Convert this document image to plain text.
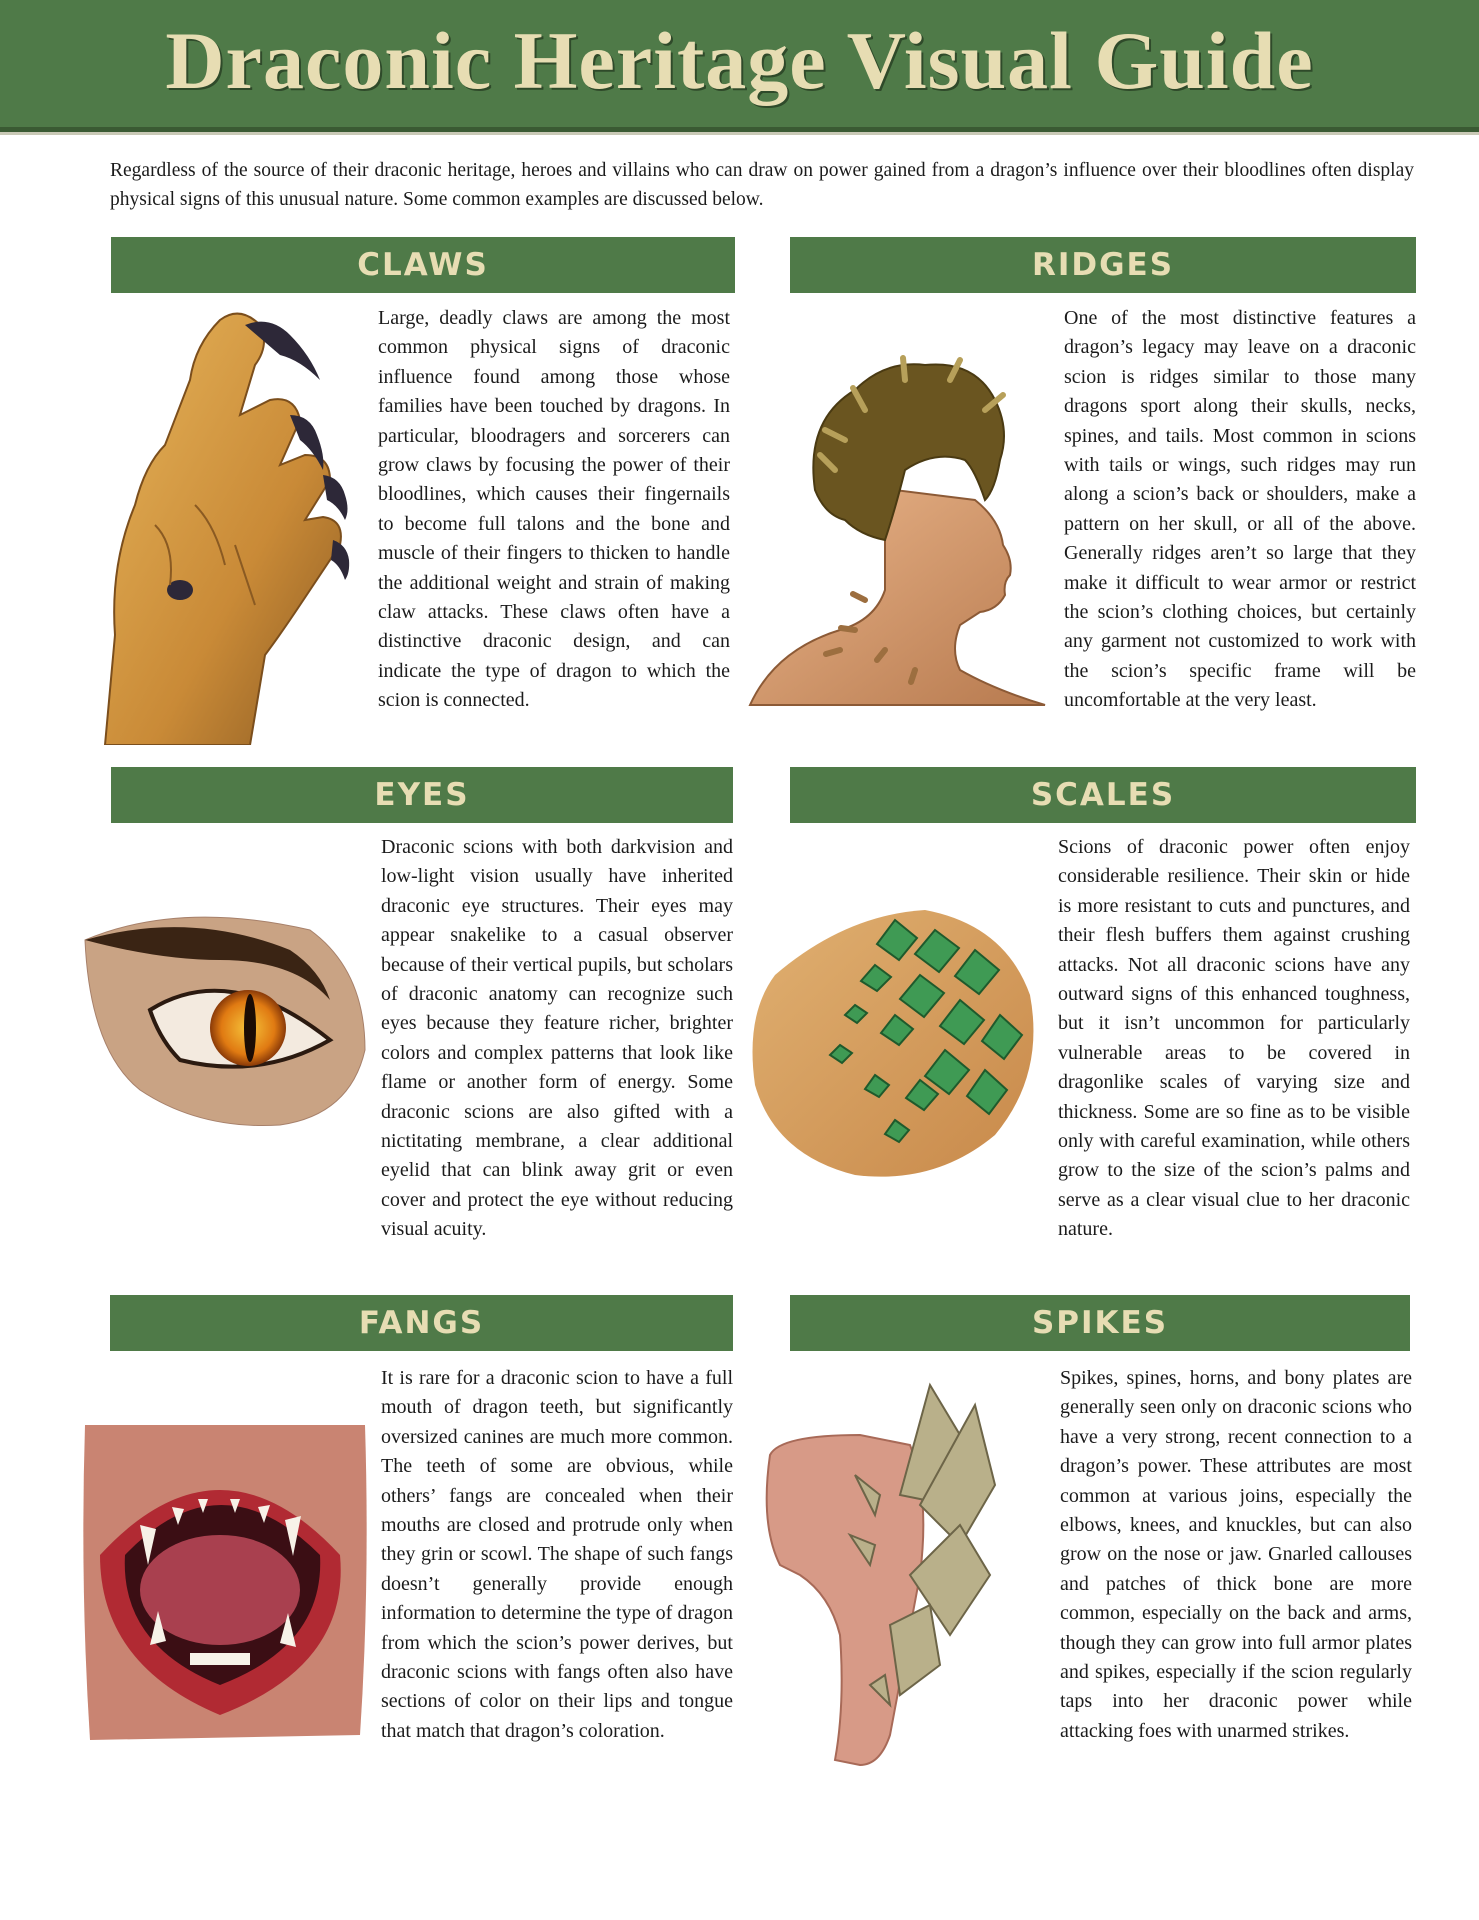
Draconic Heritage Visual Guide
Regardless of the source of their draconic heritage, heroes and villains who can draw on power gained from a dragon’s influence over their bloodlines often display physical signs of this unusual nature. Some common examples are discussed below.
CLAWS
Large, deadly claws are among the most common physical signs of draconic influence found among those whose families have been touched by dragons. In particular, bloodragers and sorcerers can grow claws by focusing the power of their bloodlines, which causes their fingernails to become full talons and the bone and muscle of their fingers to thicken to handle the additional weight and strain of making claw attacks. These claws often have a distinctive draconic design, and can indicate the type of dragon to which the scion is connected.
RIDGES
One of the most distinctive features a dragon’s legacy may leave on a draconic scion is ridges similar to those many dragons sport along their skulls, necks, spines, and tails. Most common in scions with tails or wings, such ridges may run along a scion’s back or shoulders, make a pattern on her skull, or all of the above. Generally ridges aren’t so large that they make it difficult to wear armor or restrict the scion’s clothing choices, but certainly any garment not customized to work with the scion’s specific frame will be uncomfortable at the very least.
EYES
Draconic scions with both darkvision and low-light vision usually have inherited draconic eye structures. Their eyes may appear snakelike to a casual observer because of their vertical pupils, but scholars of draconic anatomy can recognize such eyes because they feature richer, brighter colors and complex patterns that look like flame or another form of energy. Some draconic scions are also gifted with a nictitating membrane, a clear additional eyelid that can blink away grit or even cover and protect the eye without reducing visual acuity.
SCALES
Scions of draconic power often enjoy considerable resilience. Their skin or hide is more resistant to cuts and punctures, and their flesh buffers them against crushing attacks. Not all draconic scions have any outward signs of this enhanced toughness, but it isn’t uncommon for particularly vulnerable areas to be covered in dragonlike scales of varying size and thickness. Some are so fine as to be visible only with careful examination, while others grow to the size of the scion’s palms and serve as a clear visual clue to her draconic nature.
FANGS
It is rare for a draconic scion to have a full mouth of dragon teeth, but significantly oversized canines are much more common. The teeth of some are obvious, while others’ fangs are concealed when their mouths are closed and protrude only when they grin or scowl. The shape of such fangs doesn’t generally provide enough information to determine the type of dragon from which the scion’s power derives, but draconic scions with fangs often also have sections of color on their lips and tongue that match that dragon’s coloration.
SPIKES
Spikes, spines, horns, and bony plates are generally seen only on draconic scions who have a very strong, recent connection to a dragon’s power. These attributes are most common at various joins, especially the elbows, knees, and knuckles, but can also grow on the nose or jaw. Gnarled callouses and patches of thick bone are more common, especially on the back and arms, though they can grow into full armor plates and spikes, especially if the scion regularly taps into her draconic power while attacking foes with unarmed strikes.
